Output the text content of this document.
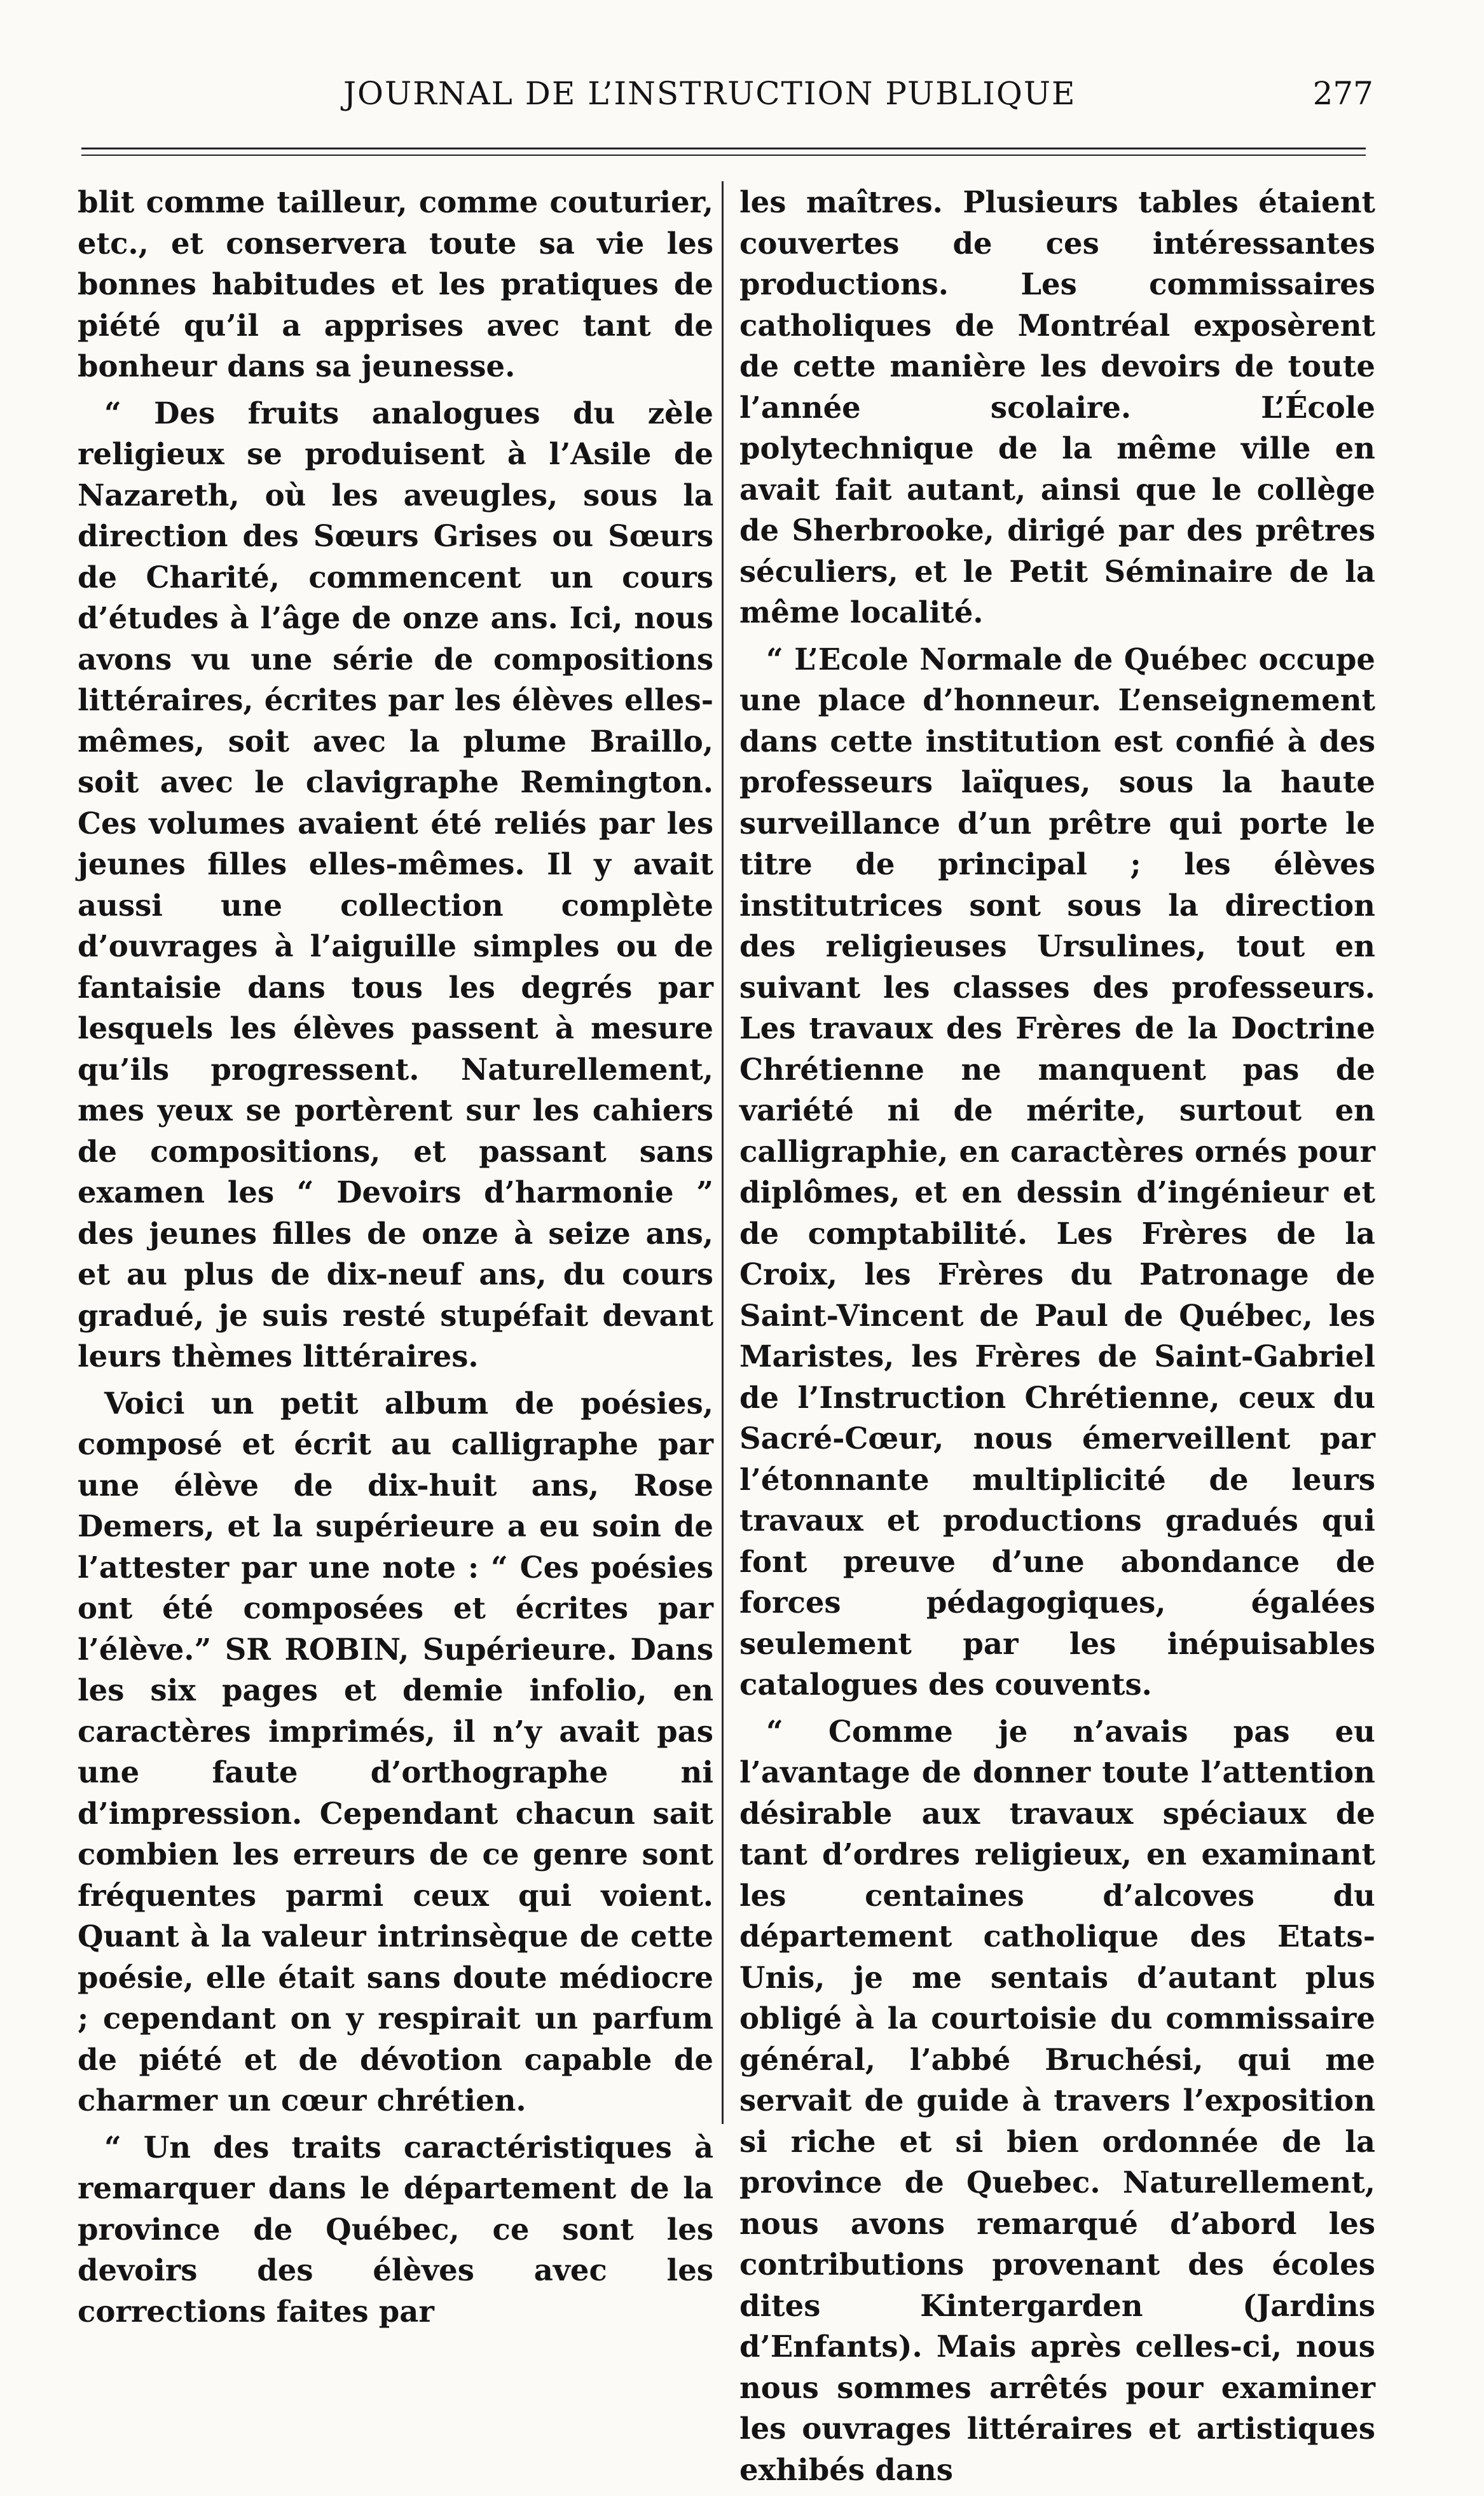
JOURNAL DE L’INSTRUCTION PUBLIQUE	277

blit comme tailleur, comme couturier, etc., et conservera toute sa vie les bonnes habitudes et les pratiques de piété qu’il a apprises avec tant de bonheur dans sa jeunesse.

“ Des fruits analogues du zèle religieux se produisent à l’Asile de Nazareth, où les aveugles, sous la direction des Sœurs Grises ou Sœurs de Charité, commencent un cours d’études à l’âge de onze ans. Ici, nous avons vu une série de compositions littéraires, écrites par les élèves elles-mêmes, soit avec la plume Braillo, soit avec le clavigraphe Remington. Ces volumes avaient été reliés par les jeunes filles elles-mêmes. Il y avait aussi une collection complète d’ouvrages à l’aiguille simples ou de fantaisie dans tous les degrés par lesquels les élèves passent à mesure qu’ils progressent. Naturellement, mes yeux se portèrent sur les cahiers de compositions, et passant sans examen les “ Devoirs d’harmonie ” des jeunes filles de onze à seize ans, et au plus de dix-neuf ans, du cours gradué, je suis resté stupéfait devant leurs thèmes littéraires.

Voici un petit album de poésies, composé et écrit au calligraphe par une élève de dix-huit ans, Rose Demers, et la supérieure a eu soin de l’attester par une note : “ Ces poésies ont été composées et écrites par l’élève.” SR ROBIN, Supérieure. Dans les six pages et demie infolio, en caractères imprimés, il n’y avait pas une faute d’orthographe ni d’impression. Cependant chacun sait combien les erreurs de ce genre sont fréquentes parmi ceux qui voient. Quant à la valeur intrinsèque de cette poésie, elle était sans doute médiocre ; cependant on y respirait un parfum de piété et de dévotion capable de charmer un cœur chrétien.

“ Un des traits caractéristiques à remarquer dans le département de la province de Québec, ce sont les devoirs des élèves avec les corrections faites par

les maîtres. Plusieurs tables étaient couvertes de ces intéressantes productions. Les commissaires catholiques de Montréal exposèrent de cette manière les devoirs de toute l’année scolaire. L’École polytechnique de la même ville en avait fait autant, ainsi que le collège de Sherbrooke, dirigé par des prêtres séculiers, et le Petit Séminaire de la même localité.

“ L’Ecole Normale de Québec occupe une place d’honneur. L’enseignement dans cette institution est confié à des professeurs laïques, sous la haute surveillance d’un prêtre qui porte le titre de principal ; les élèves institutrices sont sous la direction des religieuses Ursulines, tout en suivant les classes des professeurs. Les travaux des Frères de la Doctrine Chrétienne ne manquent pas de variété ni de mérite, surtout en calligraphie, en caractères ornés pour diplômes, et en dessin d’ingénieur et de comptabilité. Les Frères de la Croix, les Frères du Patronage de Saint-Vincent de Paul de Québec, les Maristes, les Frères de Saint-Gabriel de l’Instruction Chrétienne, ceux du Sacré-Cœur, nous émerveillent par l’étonnante multiplicité de leurs travaux et productions gradués qui font preuve d’une abondance de forces pédagogiques, égalées seulement par les inépuisables catalogues des couvents.

“ Comme je n’avais pas eu l’avantage de donner toute l’attention désirable aux travaux spéciaux de tant d’ordres religieux, en examinant les centaines d’alcoves du département catholique des Etats-Unis, je me sentais d’autant plus obligé à la courtoisie du commissaire général, l’abbé Bruchési, qui me servait de guide à travers l’exposition si riche et si bien ordonnée de la province de Quebec. Naturellement, nous avons remarqué d’abord les contributions provenant des écoles dites Kintergarden (Jardins d’Enfants). Mais après celles-ci, nous nous sommes arrêtés pour examiner les ouvrages littéraires et artistiques exhibés dans
